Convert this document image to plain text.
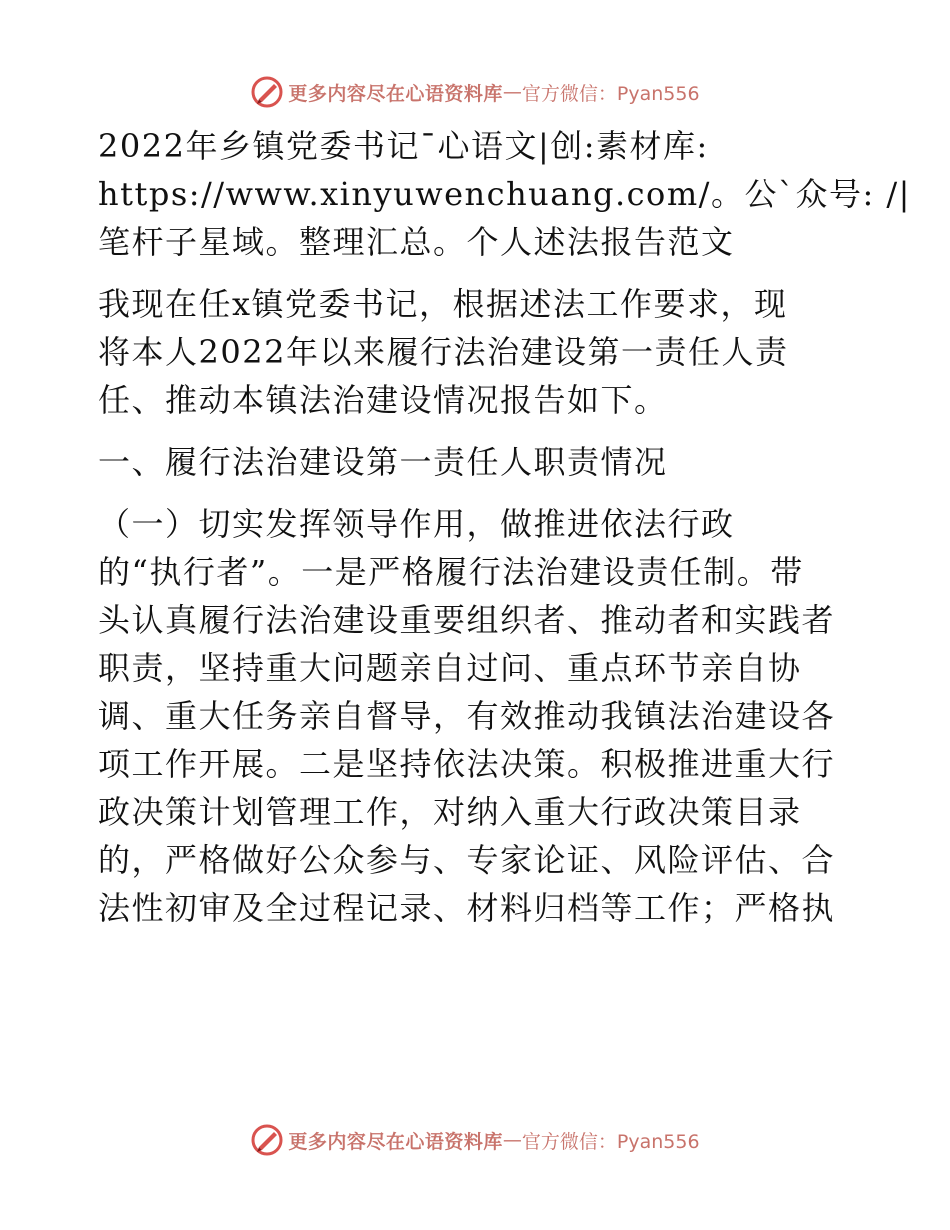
更多内容尽在心语资料库 — 官方微信：Pyan556

2022年乡镇党委书记¯心语文|创:素材库:
https://www.xinyuwenchuang.com/。公`众号: /|
笔杆子星域。整理汇总。个人述法报告范文

我现在任x镇党委书记，根据述法工作要求，现
将本人2022年以来履行法治建设第一责任人责
任、推动本镇法治建设情况报告如下。

一、履行法治建设第一责任人职责情况

（一）切实发挥领导作用，做推进依法行政
的“执行者”。一是严格履行法治建设责任制。带
头认真履行法治建设重要组织者、推动者和实践者
职责，坚持重大问题亲自过问、重点环节亲自协
调、重大任务亲自督导，有效推动我镇法治建设各
项工作开展。二是坚持依法决策。积极推进重大行
政决策计划管理工作，对纳入重大行政决策目录
的，严格做好公众参与、专家论证、风险评估、合
法性初审及全过程记录、材料归档等工作；严格执

更多内容尽在心语资料库 — 官方微信：Pyan556
